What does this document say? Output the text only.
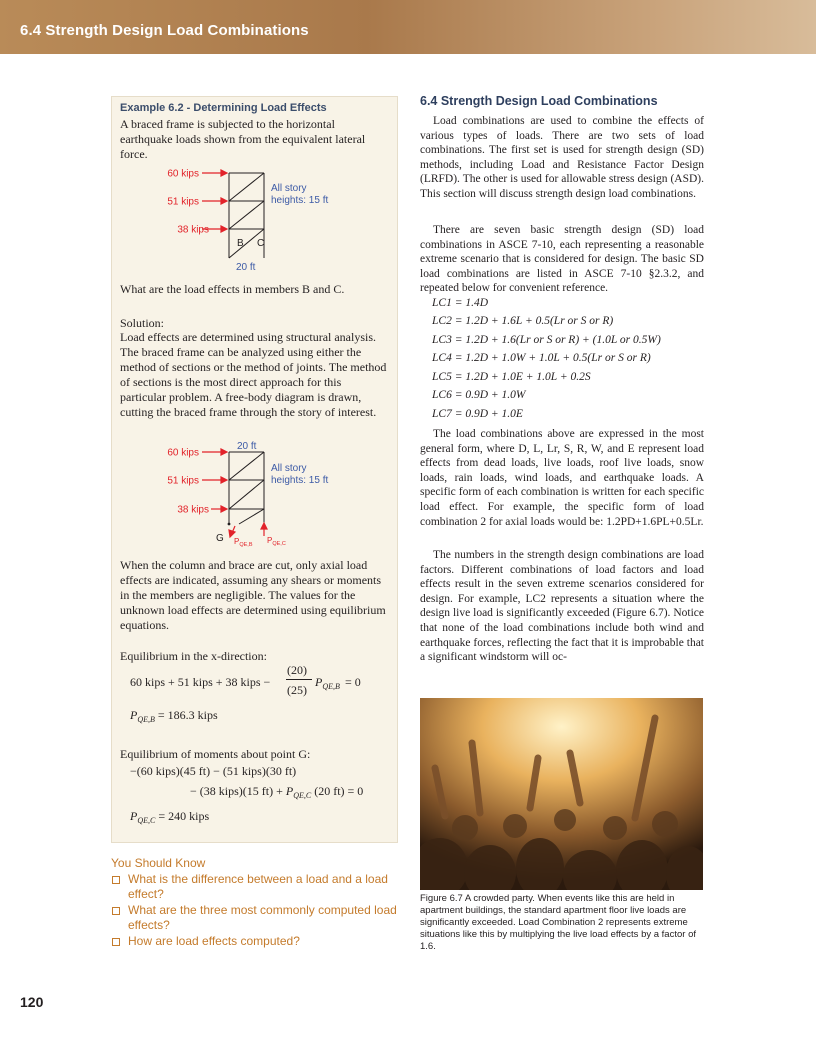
6.4 Strength Design Load Combinations
Example 6.2 - Determining Load Effects
A braced frame is subjected to the horizontal earthquake loads shown from the equivalent lateral force.
60 kips
51 kips
38 kips
All story
heights: 15 ft
B C
20 ft
What are the load effects in members B and C.
Solution:
Load effects are determined using structural analysis. The braced frame can be analyzed using either the method of sections or the method of joints. The method of sections is the most direct approach for this particular problem. A free-body diagram is drawn, cutting the braced frame through the story of interest.
20 ft
60 kips
51 kips
38 kips
All story
heights: 15 ft
G $P_{QE,B}$ $P_{QE,C}$
When the column and brace are cut, only axial load effects are indicated, assuming any shears or moments in the members are negligible. The values for the unknown load effects are determined using equilibrium equations.
Equilibrium in the x-direction:
60 kips + 51 kips + 38 kips −
(20)
(25)
$P_{QE,B} = 0$
$P_{QE,B} = 186.3$ kips
Equilibrium of moments about point G:
−(60 kips)(45 ft) − (51 kips)(30 ft)
− (38 kips)(15 $ft) + P_{QE,C}$ (20 ft) = 0
$P_{QE,C} = 240$ kips
You Should Know
What is the difference between a load and a load effect?
What are the three most commonly computed load effects?
How are load effects computed?
6.4 Strength Design Load Combinations

Load combinations are used to combine the effects of various types of loads. There are two sets of load combinations. The first set is used for strength design (SD) methods, including Load and Resistance Factor Design (LRFD). The other is used for allowable stress design (ASD). This section will discuss strength design load combinations.

There are seven basic strength design (SD) load combinations in ASCE 7-10, each representing a reasonable extreme scenario that is considered for design. The basic SD load combinations are listed in ASCE 7-10 §2.3.2, and repeated below for convenient reference.

LC1 = 1.4D
LC2 = 1.2D + 1.6L + 0.5(Lr or S or R)
LC3 = 1.2D + 1.6(Lr or S or R) + (1.0L or 0.5W)
LC4 = 1.2D + 1.0W + 1.0L + 0.5(Lr or S or R)
LC5 = 1.2D + 1.0E + 1.0L + 0.2S
LC6 = 0.9D + 1.0W
LC7 = 0.9D + 1.0E

The load combinations above are expressed in the most general form, where D, L, Lr, S, R, W, and E represent load effects from dead loads, live loads, roof live loads, snow loads, rain loads, wind loads, and earthquake loads. A specific form of each combination is written for each specific load effect. For example, the specific form of load combination 2 for axial loads would be: 1.2PD+1.6PL+0.5Lr.

The numbers in the strength design combinations are load factors. Different combinations of load factors and load effects result in the seven extreme scenarios considered for design. For example, LC2 represents a situation where the design live load is significantly exceeded (Figure 6.7). Notice that none of the load combinations include both wind and earthquake forces, reflecting the fact that it is improbable that a significant windstorm will oc-

Figure 6.7 A crowded party. When events like this are held in apartment buildings, the standard apartment floor live loads are significantly exceeded. Load Combination 2 represents extreme situations like this by multiplying the live load effects by a factor of 1.6.
120
